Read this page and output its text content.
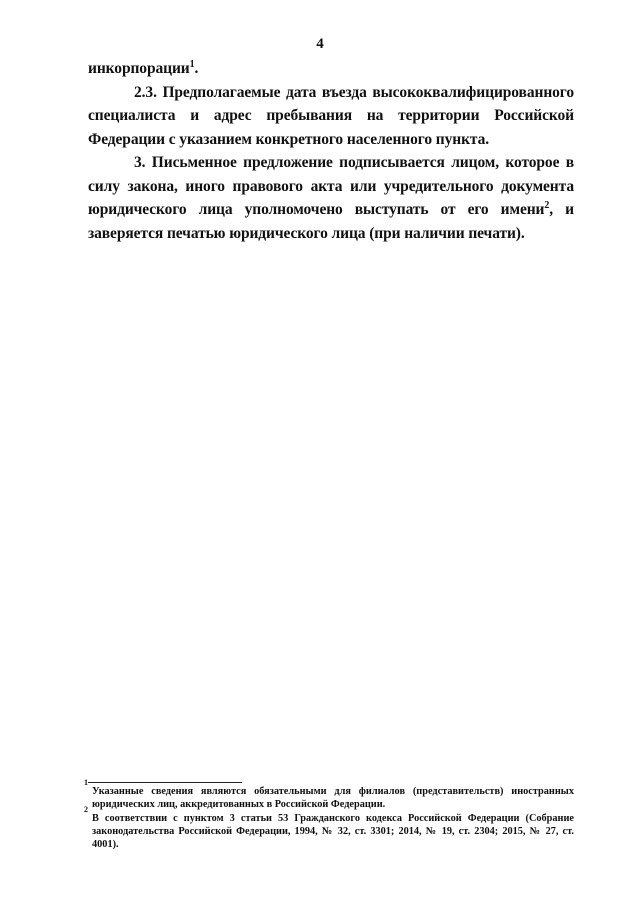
4

инкорпорации$^1$.

2.3. Предполагаемые дата въезда высококвалифицированного специалиста и адрес пребывания на территории Российской Федерации с указанием конкретного населенного пункта.

3. Письменное предложение подписывается лицом, которое в силу закона, иного правового акта или учредительного документа юридического лица уполномочено выступать от его имени$^2$, и заверяется печатью юридического лица (при наличии печати).

1
Указанные сведения являются обязательными для филиалов (представительств) иностранных юридических лиц, аккредитованных в Российской Федерации.

2
В соответствии с пунктом 3 статьи 53 Гражданского кодекса Российской Федерации (Собрание законодательства Российской Федерации, 1994, № 32, ст. 3301; 2014, № 19, ст. 2304; 2015, № 27, ст. 4001).
